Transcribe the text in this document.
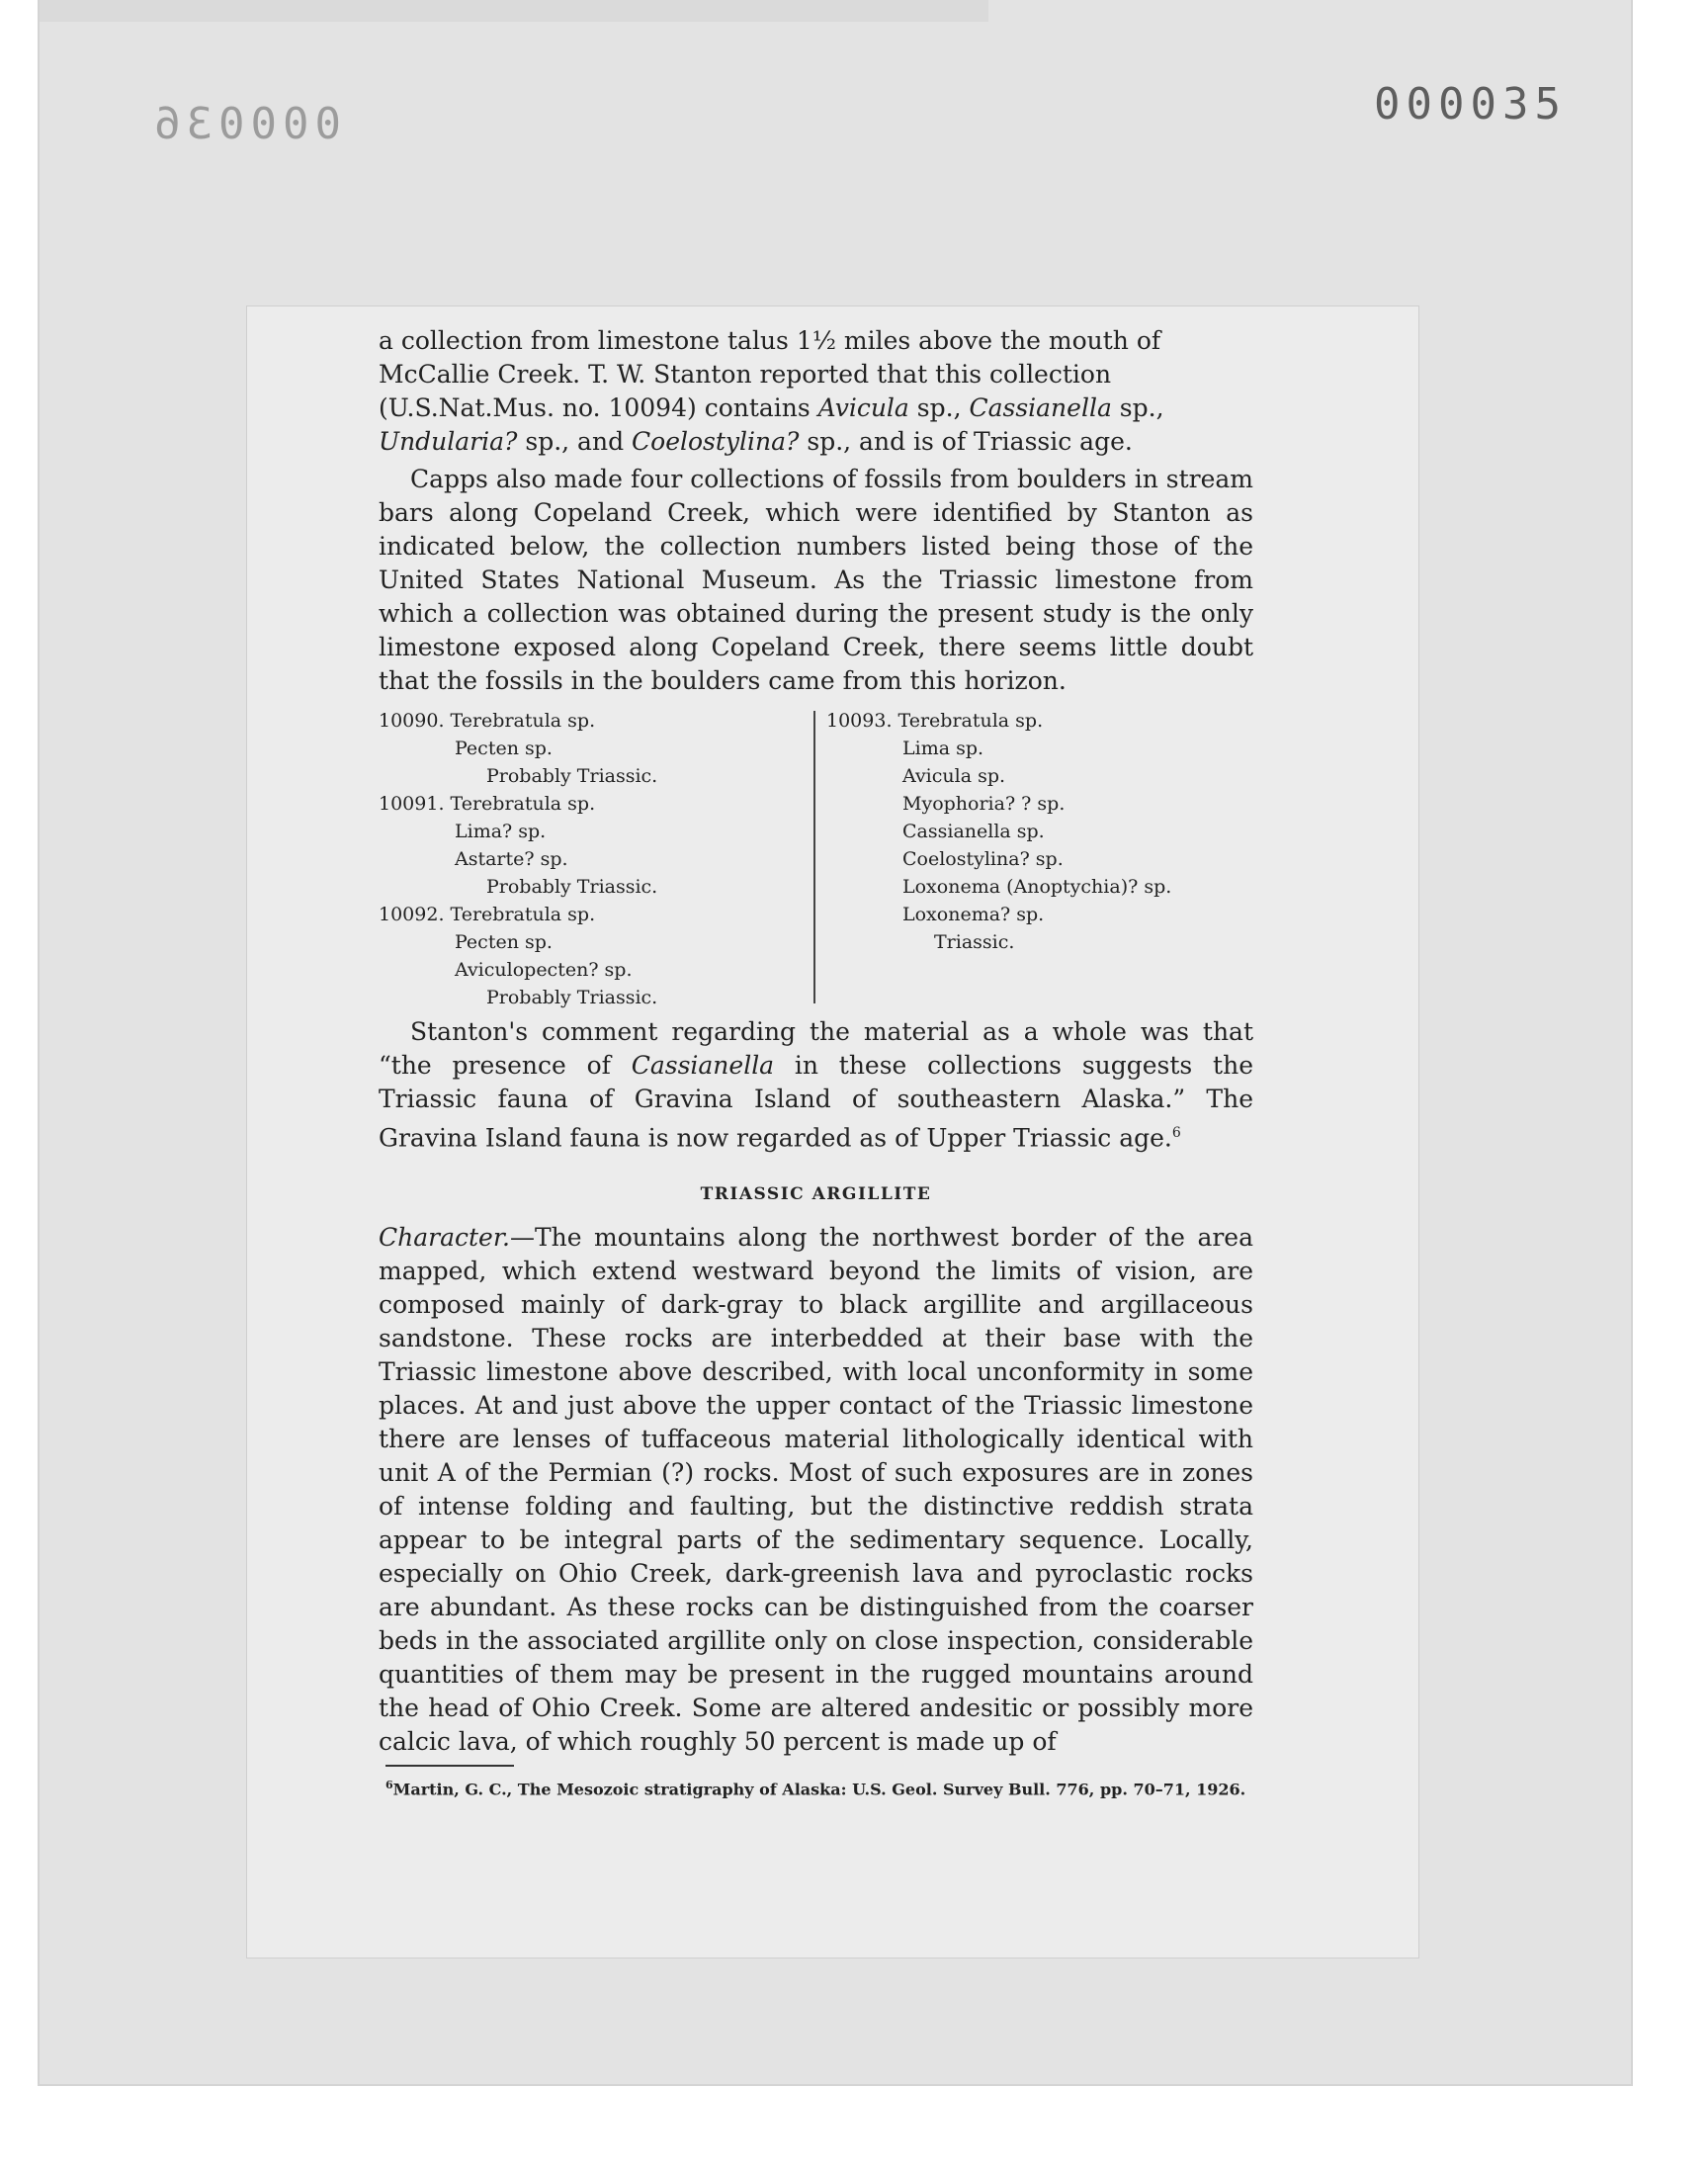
000036	000035

a collection from limestone talus 1½ miles above the mouth of

McCallie Creek. T. W. Stanton reported that this collection

(U.S.Nat.Mus. no. 10094) contains Avicula sp., Cassianella sp.,

Undularia? sp., and Coelostylina? sp., and is of Triassic age.

Capps also made four collections of fossils from boulders in stream bars along Copeland Creek, which were identified by Stanton as indicated below, the collection numbers listed being those of the United States National Museum. As the Triassic limestone from which a collection was obtained during the present study is the only limestone exposed along Copeland Creek, there seems little doubt that the fossils in the boulders came from this horizon.

10090. Terebratula sp.
Pecten sp.
Probably Triassic.
10091. Terebratula sp.
Lima? sp.
Astarte? sp.
Probably Triassic.
10092. Terebratula sp.
Pecten sp.
Aviculopecten? sp.
Probably Triassic.
10093. Terebratula sp.
Lima sp.
Avicula sp.
Myophoria? ? sp.
Cassianella sp.
Coelostylina? sp.
Loxonema (Anoptychia)? sp.
Loxonema? sp.
Triassic.

Stanton's comment regarding the material as a whole was that “the presence of Cassianella in these collections suggests the Triassic fauna of Gravina Island of southeastern Alaska.” The Gravina Island fauna is now regarded as of Upper Triassic age.$^6$

TRIASSIC ARGILLITE

Character.—The mountains along the northwest border of the area mapped, which extend westward beyond the limits of vision, are composed mainly of dark-gray to black argillite and argillaceous sandstone. These rocks are interbedded at their base with the Triassic limestone above described, with local unconformity in some places. At and just above the upper contact of the Triassic limestone there are lenses of tuffaceous material lithologically identical with unit A of the Permian (?) rocks. Most of such exposures are in zones of intense folding and faulting, but the distinctive reddish strata appear to be integral parts of the sedimentary sequence. Locally, especially on Ohio Creek, dark-greenish lava and pyroclastic rocks are abundant. As these rocks can be distinguished from the coarser beds in the associated argillite only on close inspection, considerable quantities of them may be present in the rugged mountains around the head of Ohio Creek. Some are altered andesitic or possibly more calcic lava, of which roughly 50 percent is made up of

$^6$Martin, G. C., The Mesozoic stratigraphy of Alaska: U.S. Geol. Survey Bull. 776, pp. 70–71, 1926.
